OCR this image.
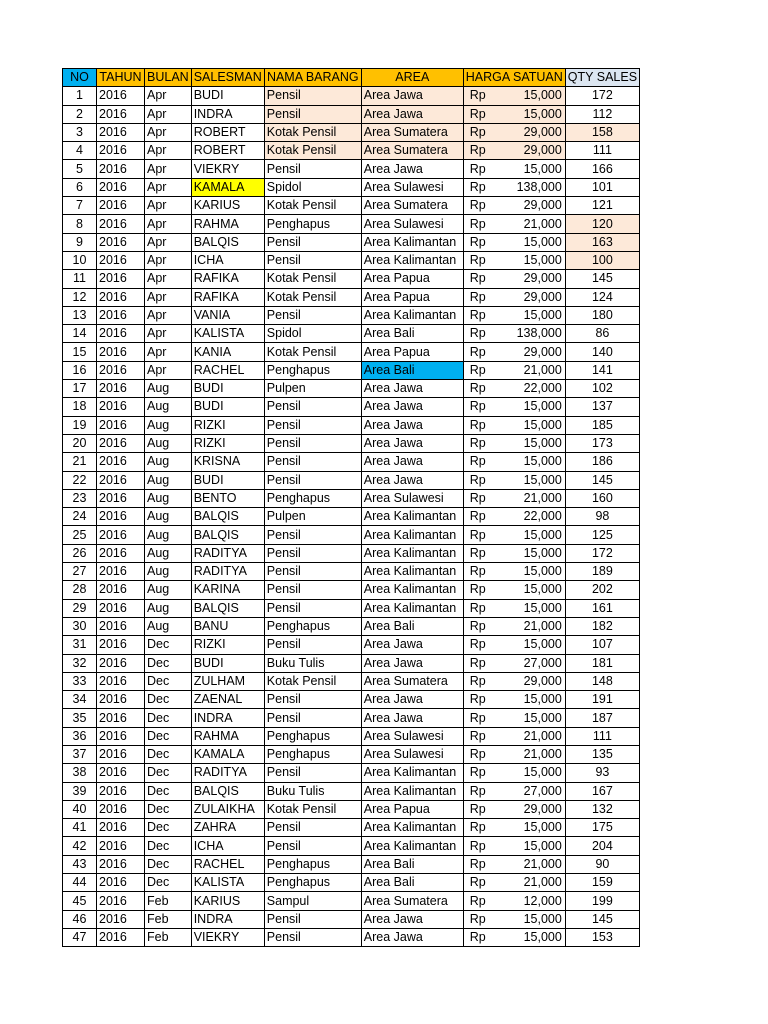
NO	TAHUN	BULAN	SALESMAN	NAMA BARANG	AREA	HARGA SATUAN	QTY SALES
1	2016	Apr	BUDI	Pensil	Area Jawa	Rp 15,000	172
2	2016	Apr	INDRA	Pensil	Area Jawa	Rp 15,000	112
3	2016	Apr	ROBERT	Kotak Pensil	Area Sumatera	Rp 29,000	158
4	2016	Apr	ROBERT	Kotak Pensil	Area Sumatera	Rp 29,000	111
5	2016	Apr	VIEKRY	Pensil	Area Jawa	Rp 15,000	166
6	2016	Apr	KAMALA	Spidol	Area Sulawesi	Rp 138,000	101
7	2016	Apr	KARIUS	Kotak Pensil	Area Sumatera	Rp 29,000	121
8	2016	Apr	RAHMA	Penghapus	Area Sulawesi	Rp 21,000	120
9	2016	Apr	BALQIS	Pensil	Area Kalimantan	Rp 15,000	163
10	2016	Apr	ICHA	Pensil	Area Kalimantan	Rp 15,000	100
11	2016	Apr	RAFIKA	Kotak Pensil	Area Papua	Rp 29,000	145
12	2016	Apr	RAFIKA	Kotak Pensil	Area Papua	Rp 29,000	124
13	2016	Apr	VANIA	Pensil	Area Kalimantan	Rp 15,000	180
14	2016	Apr	KALISTA	Spidol	Area Bali	Rp 138,000	86
15	2016	Apr	KANIA	Kotak Pensil	Area Papua	Rp 29,000	140
16	2016	Apr	RACHEL	Penghapus	Area Bali	Rp 21,000	141
17	2016	Aug	BUDI	Pulpen	Area Jawa	Rp 22,000	102
18	2016	Aug	BUDI	Pensil	Area Jawa	Rp 15,000	137
19	2016	Aug	RIZKI	Pensil	Area Jawa	Rp 15,000	185
20	2016	Aug	RIZKI	Pensil	Area Jawa	Rp 15,000	173
21	2016	Aug	KRISNA	Pensil	Area Jawa	Rp 15,000	186
22	2016	Aug	BUDI	Pensil	Area Jawa	Rp 15,000	145
23	2016	Aug	BENTO	Penghapus	Area Sulawesi	Rp 21,000	160
24	2016	Aug	BALQIS	Pulpen	Area Kalimantan	Rp 22,000	98
25	2016	Aug	BALQIS	Pensil	Area Kalimantan	Rp 15,000	125
26	2016	Aug	RADITYA	Pensil	Area Kalimantan	Rp 15,000	172
27	2016	Aug	RADITYA	Pensil	Area Kalimantan	Rp 15,000	189
28	2016	Aug	KARINA	Pensil	Area Kalimantan	Rp 15,000	202
29	2016	Aug	BALQIS	Pensil	Area Kalimantan	Rp 15,000	161
30	2016	Aug	BANU	Penghapus	Area Bali	Rp 21,000	182
31	2016	Dec	RIZKI	Pensil	Area Jawa	Rp 15,000	107
32	2016	Dec	BUDI	Buku Tulis	Area Jawa	Rp 27,000	181
33	2016	Dec	ZULHAM	Kotak Pensil	Area Sumatera	Rp 29,000	148
34	2016	Dec	ZAENAL	Pensil	Area Jawa	Rp 15,000	191
35	2016	Dec	INDRA	Pensil	Area Jawa	Rp 15,000	187
36	2016	Dec	RAHMA	Penghapus	Area Sulawesi	Rp 21,000	111
37	2016	Dec	KAMALA	Penghapus	Area Sulawesi	Rp 21,000	135
38	2016	Dec	RADITYA	Pensil	Area Kalimantan	Rp 15,000	93
39	2016	Dec	BALQIS	Buku Tulis	Area Kalimantan	Rp 27,000	167
40	2016	Dec	ZULAIKHA	Kotak Pensil	Area Papua	Rp 29,000	132
41	2016	Dec	ZAHRA	Pensil	Area Kalimantan	Rp 15,000	175
42	2016	Dec	ICHA	Pensil	Area Kalimantan	Rp 15,000	204
43	2016	Dec	RACHEL	Penghapus	Area Bali	Rp 21,000	90
44	2016	Dec	KALISTA	Penghapus	Area Bali	Rp 21,000	159
45	2016	Feb	KARIUS	Sampul	Area Sumatera	Rp 12,000	199
46	2016	Feb	INDRA	Pensil	Area Jawa	Rp 15,000	145
47	2016	Feb	VIEKRY	Pensil	Area Jawa	Rp 15,000	153
